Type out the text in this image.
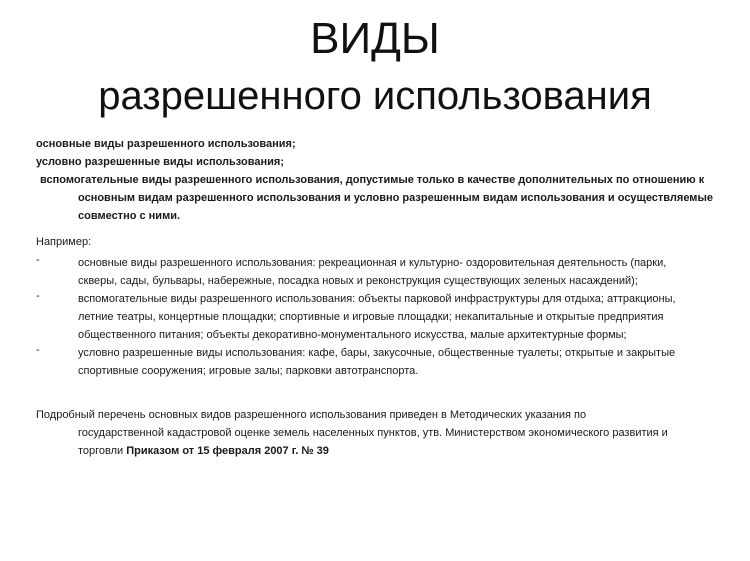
ВИДЫ
разрешенного использования
основные виды разрешенного использования;
условно разрешенные виды использования;
вспомогательные виды разрешенного использования, допустимые только в качестве дополнительных по отношению к
основным видам разрешенного использования и условно разрешенным видам использования и осуществляемые
совместно с ними.
Например:
-	основные виды разрешенного использования: рекреационная и культурно- оздоровительная деятельность (парки,
скверы, сады, бульвары, набережные, посадка новых и реконструкция существующих зеленых насаждений);
-	вспомогательные виды разрешенного использования: объекты парковой инфраструктуры для отдыха; аттракционы,
летние театры, концертные площадки; спортивные и игровые площадки; некапитальные и открытые предприятия
общественного питания; объекты декоративно-монументального искусства, малые архитектурные формы;
-	условно разрешенные виды использования: кафе, бары, закусочные, общественные туалеты; открытые и закрытые
спортивные сооружения; игровые залы; парковки автотранспорта.
Подробный перечень основных видов разрешенного использования приведен в Методических указания по
государственной кадастровой оценке земель населенных пунктов, утв. Министерством экономического развития и
торговли Приказом от 15 февраля 2007 г. № 39
